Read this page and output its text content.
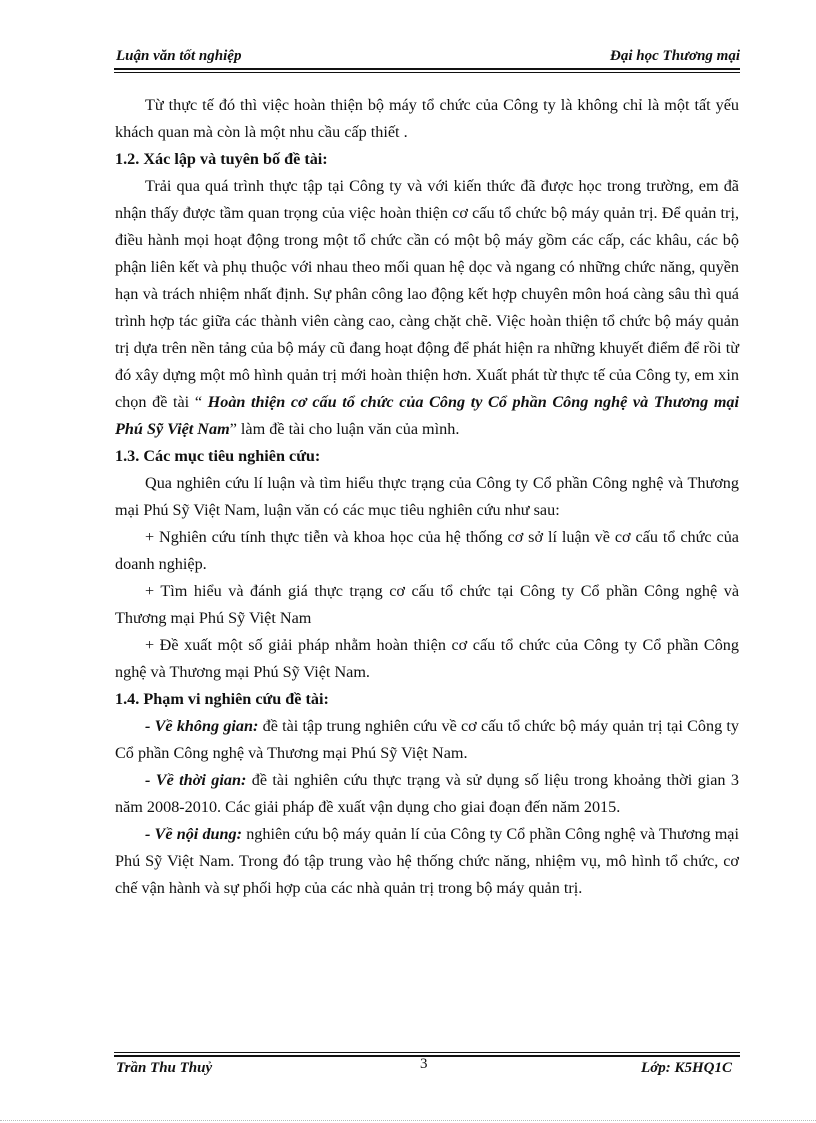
Luận văn tốt nghiệp	Đại học Thương mại

Từ thực tế đó thì việc hoàn thiện bộ máy tổ chức của Công ty là không chỉ là một tất yếu khách quan mà còn là một nhu cầu cấp thiết .

1.2. Xác lập và tuyên bố đề tài:

Trải qua quá trình thực tập tại Công ty và với kiến thức đã được học trong trường, em đã nhận thấy được tầm quan trọng của việc hoàn thiện cơ cấu tổ chức bộ máy quản trị. Để quản trị, điều hành mọi hoạt động trong một tổ chức cần có một bộ máy gồm các cấp, các khâu, các bộ phận liên kết và phụ thuộc với nhau theo mối quan hệ dọc và ngang có những chức năng, quyền hạn và trách nhiệm nhất định. Sự phân công lao động kết hợp chuyên môn hoá càng sâu thì quá trình hợp tác giữa các thành viên càng cao, càng chặt chẽ. Việc hoàn thiện tổ chức bộ máy quản trị dựa trên nền tảng của bộ máy cũ đang hoạt động để phát hiện ra những khuyết điểm để rồi từ đó xây dựng một mô hình quản trị mới hoàn thiện hơn. Xuất phát từ thực tế của Công ty, em xin chọn đề tài “ Hoàn thiện cơ cấu tổ chức của Công ty Cổ phần Công nghệ và Thương mại Phú Sỹ Việt Nam” làm đề tài cho luận văn của mình.

1.3. Các mục tiêu nghiên cứu:

Qua nghiên cứu lí luận và tìm hiểu thực trạng của Công ty Cổ phần Công nghệ và Thương mại Phú Sỹ Việt Nam, luận văn có các mục tiêu nghiên cứu như sau:

+ Nghiên cứu tính thực tiễn và khoa học của hệ thống cơ sở lí luận về cơ cấu tổ chức của doanh nghiệp.

+ Tìm hiểu và đánh giá thực trạng cơ cấu tổ chức tại Công ty Cổ phần Công nghệ và Thương mại Phú Sỹ Việt Nam

+ Đề xuất một số giải pháp nhằm hoàn thiện cơ cấu tổ chức của Công ty Cổ phần Công nghệ và Thương mại Phú Sỹ Việt Nam.

1.4. Phạm vi nghiên cứu đề tài:

- Về không gian: đề tài tập trung nghiên cứu về cơ cấu tổ chức bộ máy quản trị tại Công ty Cổ phần Công nghệ và Thương mại Phú Sỹ Việt Nam.

- Về thời gian: đề tài nghiên cứu thực trạng và sử dụng số liệu trong khoảng thời gian 3 năm 2008-2010. Các giải pháp đề xuất vận dụng cho giai đoạn đến năm 2015.

- Về nội dung: nghiên cứu bộ máy quản lí của Công ty Cổ phần Công nghệ và Thương mại Phú Sỹ Việt Nam. Trong đó tập trung vào hệ thống chức năng, nhiệm vụ, mô hình tổ chức, cơ chế vận hành và sự phối hợp của các nhà quản trị trong bộ máy quản trị.

Trần Thu Thuỷ	3	Lớp: K5HQ1C
